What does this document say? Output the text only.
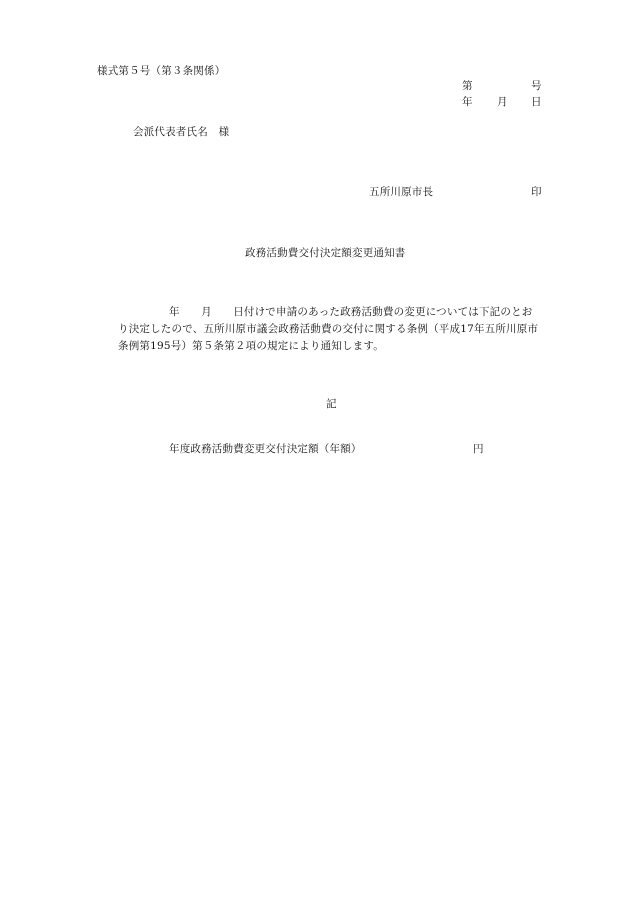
様式第５号（第３条関係）
第	号
年 月 日
会派代表者氏名　様
五所川原市長	印
政務活動費交付決定額変更通知書
年　　月　　日付けで申請のあった政務活動費の変更については下記のとお
り決定したので、五所川原市議会政務活動費の交付に関する条例（平成17年五所川原市
条例第195号）第５条第２項の規定により通知します。
記
年度政務活動費変更交付決定額（年額）	円
